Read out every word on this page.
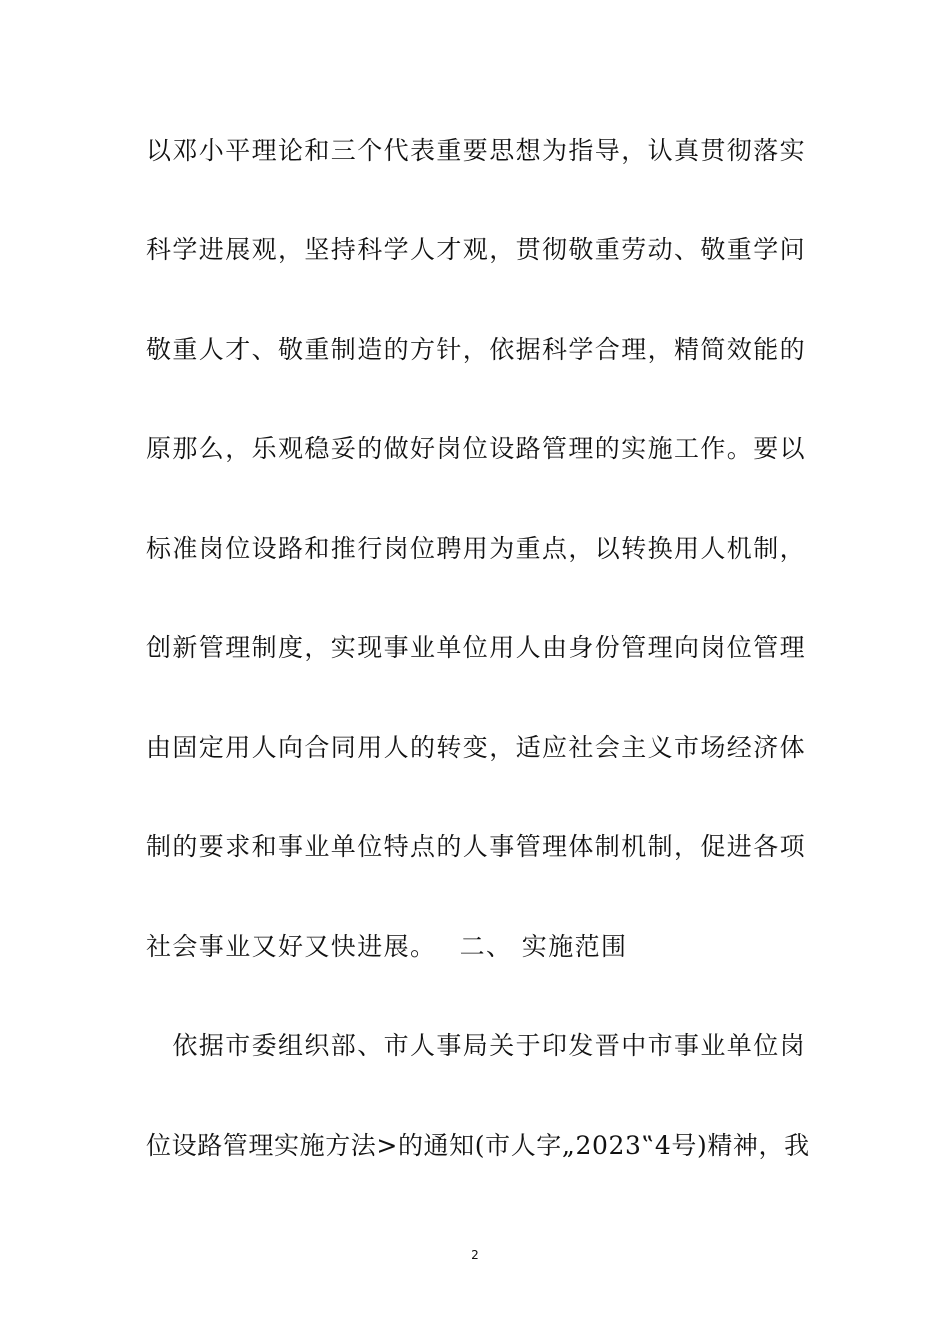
以邓小平理论和三个代表重要思想为指导，认真贯彻落实
科学进展观，坚持科学人才观，贯彻敬重劳动、敬重学问
敬重人才、敬重制造的方针，依据科学合理，精简效能的
原那么，乐观稳妥的做好岗位设路管理的实施工作。要以
标准岗位设路和推行岗位聘用为重点，以转换用人机制，
创新管理制度，实现事业单位用人由身份管理向岗位管理
由固定用人向合同用人的转变，适应社会主义市场经济体
制的要求和事业单位特点的人事管理体制机制，促进各项
社会事业又好又快进展。　 二、 实施范围
　依据市委组织部、市人事局关于印发晋中市事业单位岗
位设路管理实施方法>的通知(市人字„2023‟4号)精神，我
2
